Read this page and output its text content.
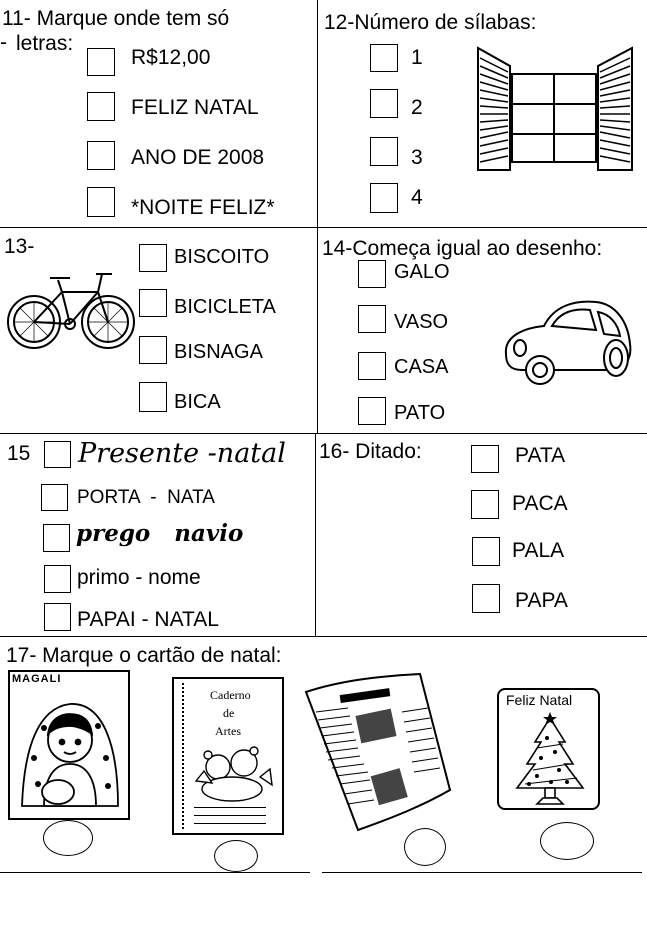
11- Marque onde tem só
- letras:
R$12,00
FELIZ NATAL
ANO DE 2008
*NOITE FELIZ*
12-Número de sílabas:
1
2
3
4
13-	BISCOITO
BICICLETA
BISNAGA
BICA
14-Começa igual ao desenho:
GALO
VASO
CASA
PATO
15 Presente -natal
PORTA  -  NATA
prego   navio
primo - nome
PAPAI - NATAL
16- Ditado:	PATA
PACA
PALA
PAPA
17- Marque o cartão de natal:
MAGALI
Caderno
de
Artes
Feliz Natal
